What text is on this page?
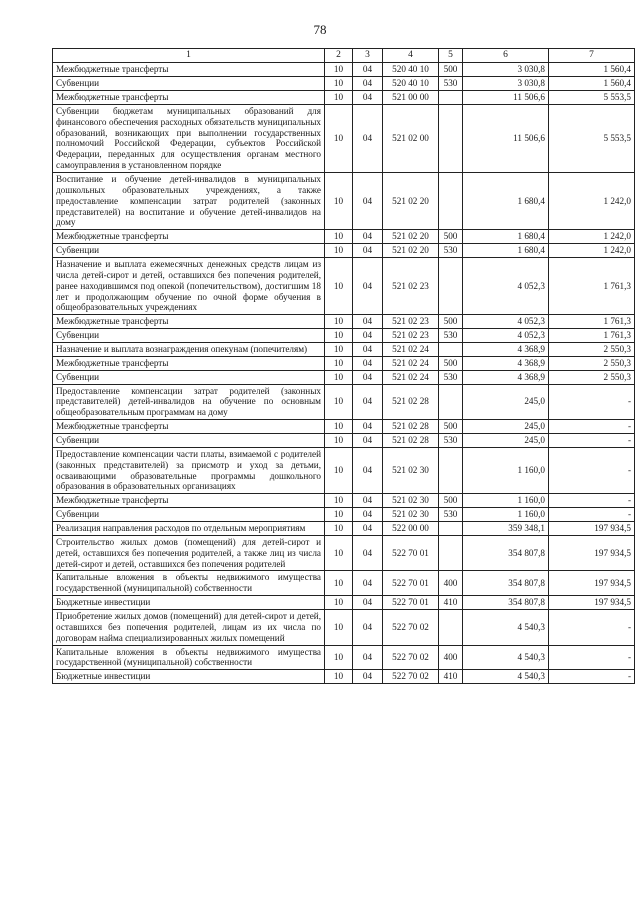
78
1	2	3	4	5	6	7
Межбюджетные трансферты	10	04	520 40 10	500	3 030,8	1 560,4
Субвенции	10	04	520 40 10	530	3 030,8	1 560,4
Межбюджетные трансферты	10	04	521 00 00		11 506,6	5 553,5
Субвенции бюджетам муниципальных образований для финансового обеспечения расходных обязательств муниципальных образований, возникающих при выполнении государственных полномочий Российской Федерации, субъектов Российской Федерации, переданных для осуществления органам местного самоуправления в установленном порядке	10	04	521 02 00		11 506,6	5 553,5
Воспитание и обучение детей-инвалидов в муниципальных дошкольных образовательных учреждениях, а также предоставление компенсации затрат родителей (законных представителей) на воспитание и обучение детей-инвалидов на дому	10	04	521 02 20		1 680,4	1 242,0
Межбюджетные трансферты	10	04	521 02 20	500	1 680,4	1 242,0
Субвенции	10	04	521 02 20	530	1 680,4	1 242,0
Назначение и выплата ежемесячных денежных средств лицам из числа детей-сирот и детей, оставшихся без попечения родителей, ранее находившимся под опекой (попечительством), достигшим 18 лет и продолжающим обучение по очной форме обучения в общеобразовательных учреждениях	10	04	521 02 23		4 052,3	1 761,3
Межбюджетные трансферты	10	04	521 02 23	500	4 052,3	1 761,3
Субвенции	10	04	521 02 23	530	4 052,3	1 761,3
Назначение и выплата вознаграждения опекунам (попечителям)	10	04	521 02 24		4 368,9	2 550,3
Межбюджетные трансферты	10	04	521 02 24	500	4 368,9	2 550,3
Субвенции	10	04	521 02 24	530	4 368,9	2 550,3
Предоставление компенсации затрат родителей (законных представителей) детей-инвалидов на обучение по основным общеобразовательным программам на дому	10	04	521 02 28		245,0	-
Межбюджетные трансферты	10	04	521 02 28	500	245,0	-
Субвенции	10	04	521 02 28	530	245,0	-
Предоставление компенсации части платы, взимаемой с родителей (законных представителей) за присмотр и уход за детьми, осваивающими образовательные программы дошкольного образования в образовательных организациях	10	04	521 02 30		1 160,0	-
Межбюджетные трансферты	10	04	521 02 30	500	1 160,0	-
Субвенции	10	04	521 02 30	530	1 160,0	-
Реализация направления расходов по отдельным мероприятиям	10	04	522 00 00		359 348,1	197 934,5
Строительство жилых домов (помещений) для детей-сирот и детей, оставшихся без попечения родителей, а также лиц из числа детей-сирот и детей, оставшихся без попечения родителей	10	04	522 70 01		354 807,8	197 934,5
Капитальные вложения в объекты недвижимого имущества государственной (муниципальной) собственности	10	04	522 70 01	400	354 807,8	197 934,5
Бюджетные инвестиции	10	04	522 70 01	410	354 807,8	197 934,5
Приобретение жилых домов (помещений) для детей-сирот и детей, оставшихся без попечения родителей, лицам из их числа по договорам найма специализированных жилых помещений	10	04	522 70 02		4 540,3	-
Капитальные вложения в объекты недвижимого имущества государственной (муниципальной) собственности	10	04	522 70 02	400	4 540,3	-
Бюджетные инвестиции	10	04	522 70 02	410	4 540,3	-
